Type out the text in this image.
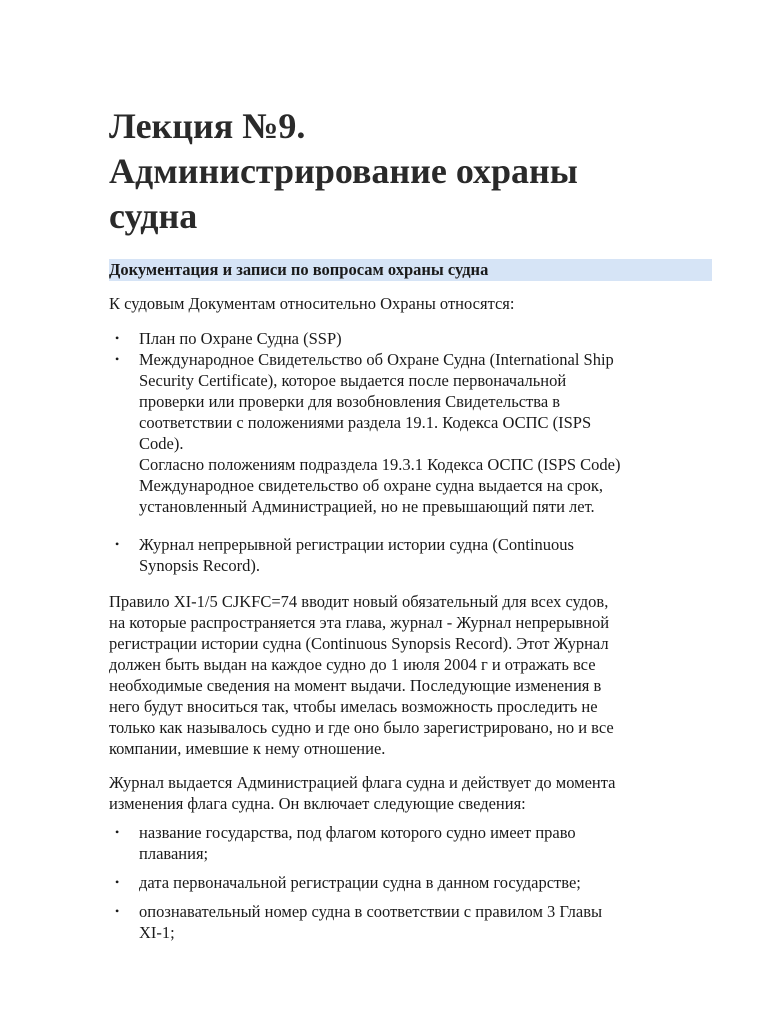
Лекция №9.
Администрирование охраны
судна
Документация и записи по вопросам охраны судна

К судовым Документам относительно Охраны относятся:

• План по Охране Судна (SSP)
• Международное Свидетельство об Охране Судна (International Ship
Security Certificate), которое выдается после первоначальной
проверки или проверки для возобновления Свидетельства в
соответствии с положениями раздела 19.1. Кодекса ОСПС (ISPS
Code).
Согласно положениям подраздела 19.3.1 Кодекса ОСПС (ISPS Code)
Международное свидетельство об охране судна выдается на срок,
установленный Администрацией, но не превышающий пяти лет.
• Журнал непрерывной регистрации истории судна (Continuous
Synopsis Record).

Правило XI-1/5 CJKFC=74 вводит новый обязательный для всех судов,
на которые распространяется эта глава, журнал - Журнал непрерывной
регистрации истории судна (Continuous Synopsis Record). Этот Журнал
должен быть выдан на каждое судно до 1 июля 2004 г и отражать все
необходимые сведения на момент выдачи. Последующие изменения в
него будут вноситься так, чтобы имелась возможность проследить не
только как называлось судно и где оно было зарегистрировано, но и все
компании, имевшие к нему отношение.

Журнал выдается Администрацией флага судна и действует до момента
изменения флага судна. Он включает следующие сведения:

• название государства, под флагом которого судно имеет право
плавания;
• дата первоначальной регистрации судна в данном государстве;
• опознавательный номер судна в соответствии с правилом 3 Главы
XI-1;
